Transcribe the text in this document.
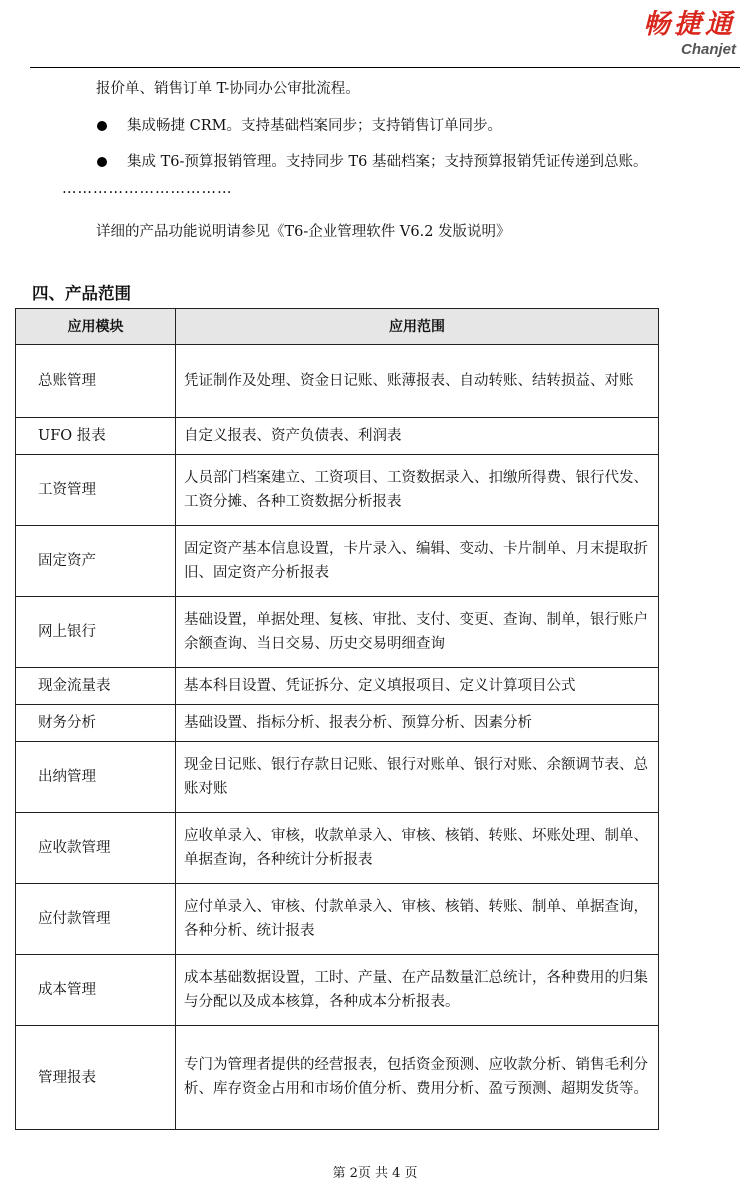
畅捷通
Chanjet
报价单、销售订单 T-协同办公审批流程。
集成畅捷 CRM。支持基础档案同步；支持销售订单同步。
集成 T6-预算报销管理。支持同步 T6 基础档案；支持预算报销凭证传递到总账。
……………………………
详细的产品功能说明请参见《T6-企业管理软件 V6.2 发版说明》
四、产品范围
应用模块	应用范围
总账管理	凭证制作及处理、资金日记账、账薄报表、自动转账、结转损益、对账
UFO 报表	自定义报表、资产负债表、利润表
工资管理	人员部门档案建立、工资项目、工资数据录入、扣缴所得费、银行代发、工资分摊、各种工资数据分析报表
固定资产	固定资产基本信息设置，卡片录入、编辑、变动、卡片制单、月末提取折旧、固定资产分析报表
网上银行	基础设置，单据处理、复核、审批、支付、变更、查询、制单，银行账户余额查询、当日交易、历史交易明细查询
现金流量表	基本科目设置、凭证拆分、定义填报项目、定义计算项目公式
财务分析	基础设置、指标分析、报表分析、预算分析、因素分析
出纳管理	现金日记账、银行存款日记账、银行对账单、银行对账、余额调节表、总账对账
应收款管理	应收单录入、审核，收款单录入、审核、核销、转账、坏账处理、制单、单据查询，各种统计分析报表
应付款管理	应付单录入、审核、付款单录入、审核、核销、转账、制单、单据查询，各种分析、统计报表
成本管理	成本基础数据设置，工时、产量、在产品数量汇总统计，各种费用的归集与分配以及成本核算，各种成本分析报表。
管理报表	专门为管理者提供的经营报表，包括资金预测、应收款分析、销售毛利分析、库存资金占用和市场价值分析、费用分析、盈亏预测、超期发货等。
第 2页 共 4 页
